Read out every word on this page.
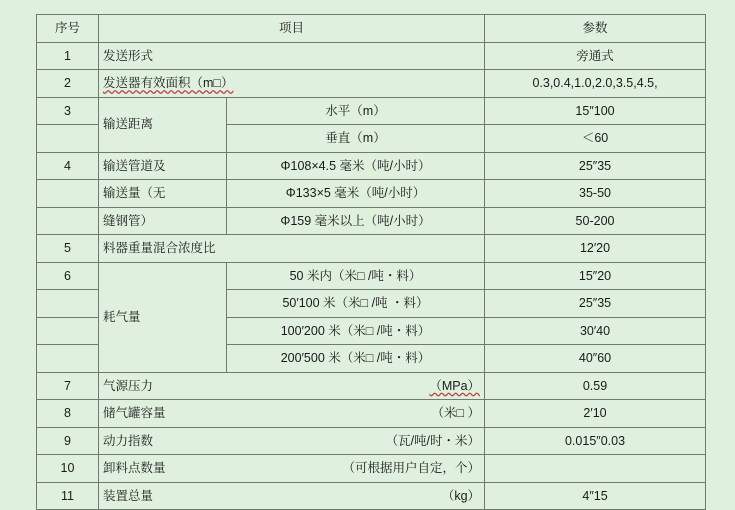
序号	项目		参数
1	发送形式		旁通式
2	发送器有效面积（m□）		0.3,0.4,1.0,2.0,3.5,4.5,
3	输送距离	水平（m）	15″100
		垂直（m）	＜60
4	输送管道及	Φ108×4.5 毫米（吨/小时）	25″35
	输送量（无	Φ133×5 毫米（吨/小时）	35-50
	缝钢管）	Φ159 毫米以上（吨/小时）	50-200
5	料器重量混合浓度比		12′20
6	耗气量	50 米内（米□ /吨・料）	15″20
		50′100 米（米□ /吨 ・料）	25″35
		100′200 米（米□ /吨・料）	30′40
		200′500 米（米□ /吨・料）	40″60
7	气源压力 （MPa）		0.59
8	储气罐容量 （米□ ）		2′10
9	动力指数 （瓦/吨/时・米）		0.015″0.03
10	卸料点数量 （可根据用户自定，个）		

11	装置总量 （kg）		4″15
